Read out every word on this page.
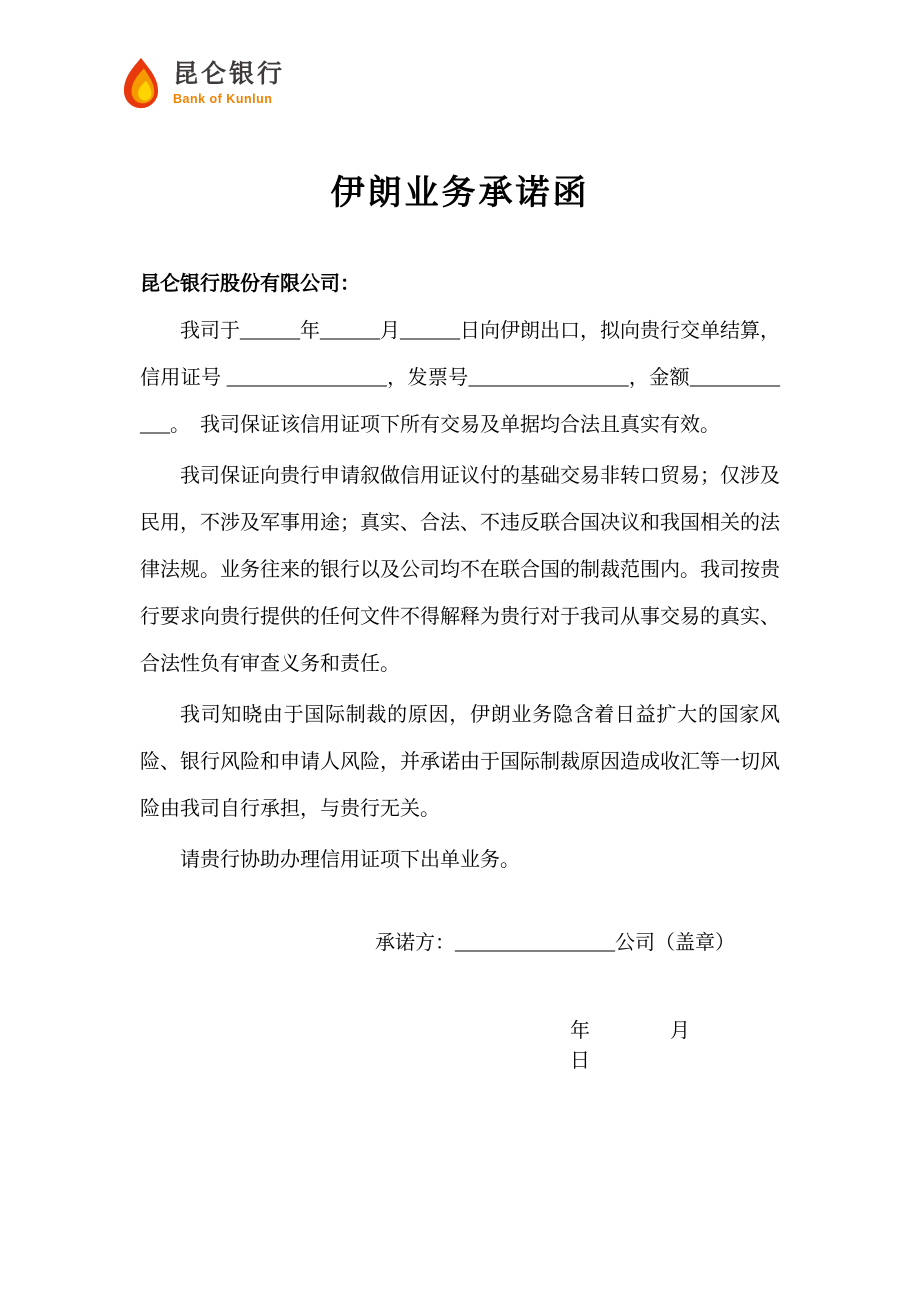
昆仑银行
Bank of Kunlun
伊朗业务承诺函

昆仑银行股份有限公司：

我司于______年______月______日向伊朗出口，拟向贵行交单结算，信用证号 ________________，发票号________________，金额____________。　我司保证该信用证项下所有交易及单据均合法且真实有效。

我司保证向贵行申请叙做信用证议付的基础交易非转口贸易；仅涉及民用，不涉及军事用途；真实、合法、不违反联合国决议和我国相关的法律法规。业务往来的银行以及公司均不在联合国的制裁范围内。我司按贵行要求向贵行提供的任何文件不得解释为贵行对于我司从事交易的真实、合法性负有审查义务和责任。

我司知晓由于国际制裁的原因，伊朗业务隐含着日益扩大的国家风险、银行风险和申请人风险，并承诺由于国际制裁原因造成收汇等一切风险由我司自行承担，与贵行无关。

请贵行协助办理信用证项下出单业务。

承诺方：________________公司（盖章）
年　　　　月　　　　日
